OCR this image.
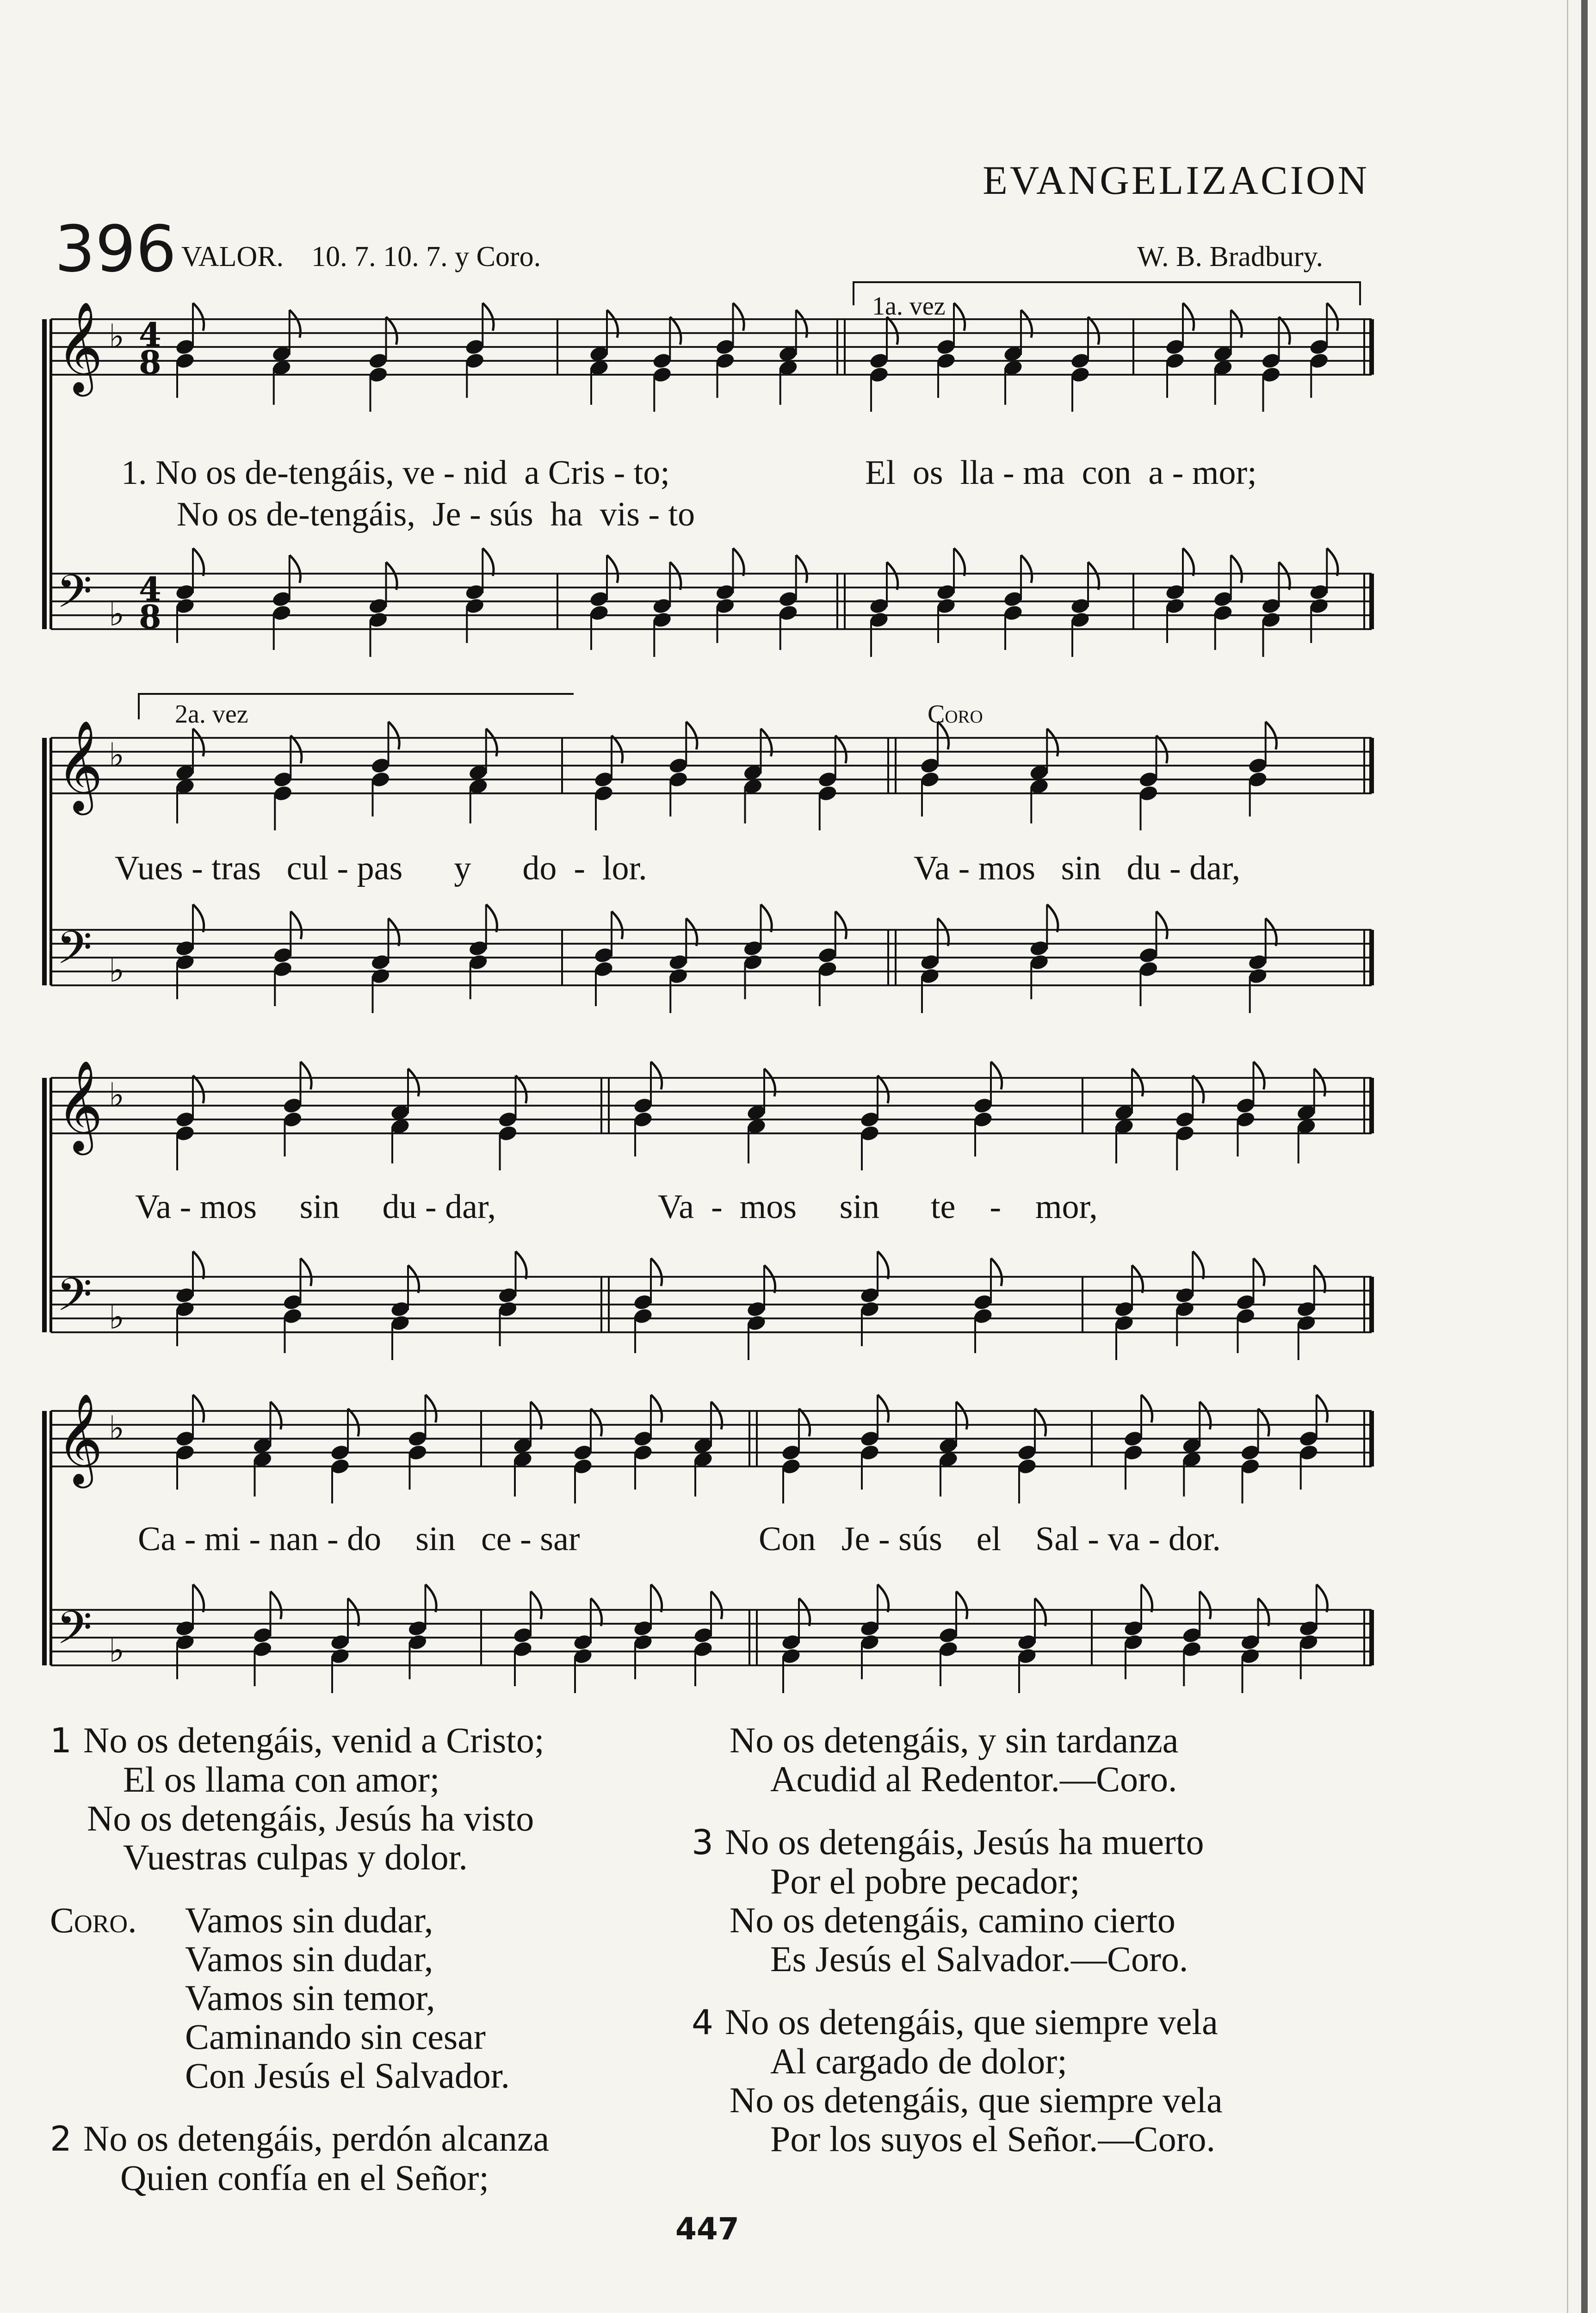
EVANGELIZACION
396 VALOR. 10. 7. 10. 7. y Coro.	W. B. Bradbury.
𝄞 ♭
𝄢 ♭
𝄞 ♭
𝄢 ♭
𝄞 ♭
𝄢 ♭
𝄞 ♭
𝄢 ♭
4
8
4
8
1a. vez
2a. vez	Coro
1. No os de-tengáis, ve - nid  a Cris - to;	El  os  lla - ma  con  a - mor;
No os de-tengáis,  Je - sús  ha  vis - to
Vues - tras   cul - pas      y      do  -  lor.	Va - mos   sin   du - dar,
Va - mos     sin     du - dar,	Va  -  mos     sin      te    -    mor,
Ca - mi - nan - do    sin   ce - sar	Con   Je - sús    el    Sal - va - dor.
1 No os detengáis, venid a Cristo;
El os llama con amor;
No os detengáis, Jesús ha visto
Vuestras culpas y dolor.
Coro. Vamos sin dudar,
Vamos sin dudar,
Vamos sin temor,
Caminando sin cesar
Con Jesús el Salvador.
2 No os detengáis, perdón alcanza
Quien confía en el Señor;
No os detengáis, y sin tardanza
Acudid al Redentor.—Coro.
3 No os detengáis, Jesús ha muerto
Por el pobre pecador;
No os detengáis, camino cierto
Es Jesús el Salvador.—Coro.
4 No os detengáis, que siempre vela
Al cargado de dolor;
No os detengáis, que siempre vela
Por los suyos el Señor.—Coro.
447
